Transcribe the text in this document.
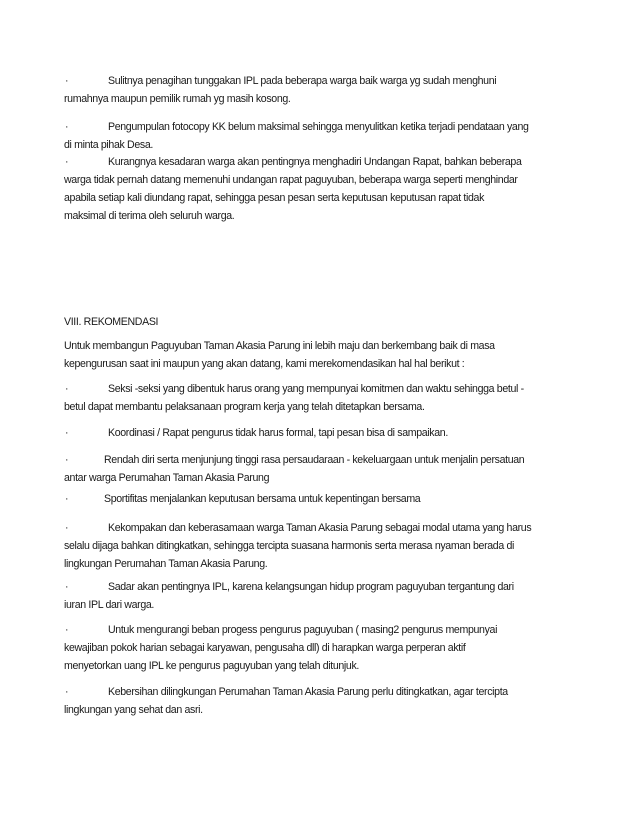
·	Sulitnya penagihan tunggakan IPL pada beberapa warga baik warga yg sudah menghuni
rumahnya maupun pemilik rumah yg masih kosong.
·	Pengumpulan fotocopy KK belum maksimal sehingga menyulitkan ketika terjadi pendataan yang
di minta pihak Desa.
·	Kurangnya kesadaran warga akan pentingnya menghadiri Undangan Rapat, bahkan beberapa
warga tidak pernah datang memenuhi undangan rapat paguyuban, beberapa warga seperti menghindar
apabila setiap kali diundang rapat, sehingga pesan pesan serta keputusan keputusan rapat tidak
maksimal di terima oleh seluruh warga.
VIII. REKOMENDASI
Untuk membangun Paguyuban Taman Akasia Parung ini lebih maju dan berkembang baik di masa
kepengurusan saat ini maupun yang akan datang, kami merekomendasikan hal hal berikut :
·	Seksi -seksi yang dibentuk harus orang yang mempunyai komitmen dan waktu sehingga betul -
betul dapat membantu pelaksanaan program kerja yang telah ditetapkan bersama.
·	Koordinasi / Rapat pengurus tidak harus formal, tapi pesan bisa di sampaikan.
·	Rendah diri serta menjunjung tinggi rasa persaudaraan - kekeluargaan untuk menjalin persatuan
antar warga Perumahan Taman Akasia Parung
·	Sportifitas menjalankan keputusan bersama untuk kepentingan bersama
·	Kekompakan dan keberasamaan warga Taman Akasia Parung sebagai modal utama yang harus
selalu dijaga bahkan ditingkatkan, sehingga tercipta suasana harmonis serta merasa nyaman berada di
lingkungan Perumahan Taman Akasia Parung.
·	Sadar akan pentingnya IPL, karena kelangsungan hidup program paguyuban tergantung dari
iuran IPL dari warga.
·	Untuk mengurangi beban progess pengurus paguyuban ( masing2 pengurus mempunyai
kewajiban pokok harian sebagai karyawan, pengusaha dll) di harapkan warga perperan aktif
menyetorkan uang IPL ke pengurus paguyuban yang telah ditunjuk.
·	Kebersihan dilingkungan Perumahan Taman Akasia Parung perlu ditingkatkan, agar tercipta
lingkungan yang sehat dan asri.
